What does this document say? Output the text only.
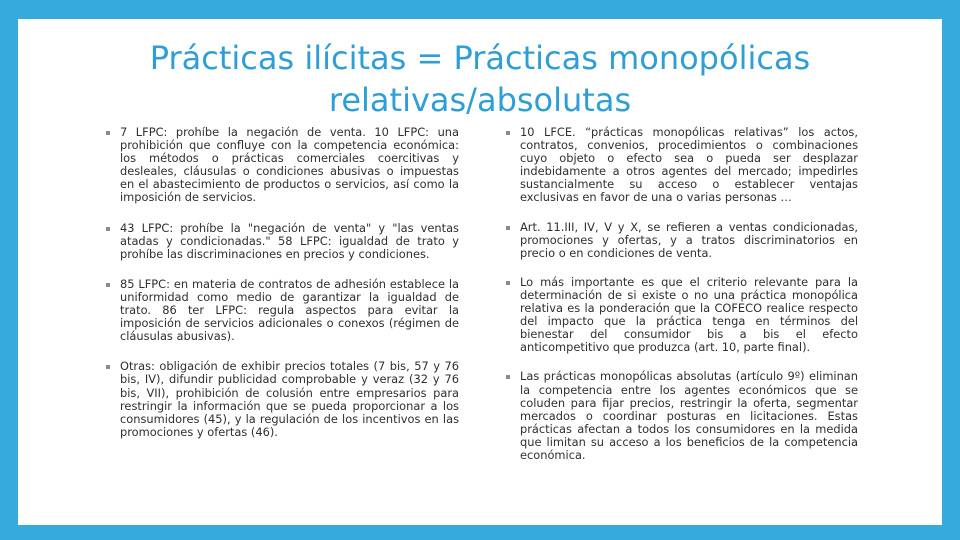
Prácticas ilícitas = Prácticas monopólicas relativas/absolutas
7 LFPC: prohíbe la negación de venta. 10 LFPC: una prohibición que confluye con la competencia económica: los métodos o prácticas comerciales coercitivas y desleales, cláusulas o condiciones abusivas o impuestas en el abastecimiento de productos o servicios, así como la imposición de servicios.
43 LFPC: prohíbe la "negación de venta" y "las ventas atadas y condicionadas." 58 LFPC: igualdad de trato y prohíbe las discriminaciones en precios y condiciones.
85 LFPC: en materia de contratos de adhesión establece la uniformidad como medio de garantizar la igualdad de trato. 86 ter LFPC: regula aspectos para evitar la imposición de servicios adicionales o conexos (régimen de cláusulas abusivas).
Otras: obligación de exhibir precios totales (7 bis, 57 y 76 bis, IV), difundir publicidad comprobable y veraz (32 y 76 bis, VII), prohibición de colusión entre empresarios para restringir la información que se pueda proporcionar a los consumidores (45), y la regulación de los incentivos en las promociones y ofertas (46).
10 LFCE. “prácticas monopólicas relativas” los actos, contratos, convenios, procedimientos o combinaciones cuyo objeto o efecto sea o pueda ser desplazar indebidamente a otros agentes del mercado; impedirles sustancialmente su acceso o establecer ventajas exclusivas en favor de una o varias personas …
Art. 11.III, IV, V y X, se refieren a ventas condicionadas, promociones y ofertas, y a tratos discriminatorios en precio o en condiciones de venta.
Lo más importante es que el criterio relevante para la determinación de si existe o no una práctica monopólica relativa es la ponderación que la COFECO realice respecto del impacto que la práctica tenga en términos del bienestar del consumidor bis a bis el efecto anticompetitivo que produzca (art. 10, parte final).
Las prácticas monopólicas absolutas (artículo 9º) eliminan la competencia entre los agentes económicos que se coluden para fijar precios, restringir la oferta, segmentar mercados o coordinar posturas en licitaciones. Estas prácticas afectan a todos los consumidores en la medida que limitan su acceso a los beneficios de la competencia económica.
